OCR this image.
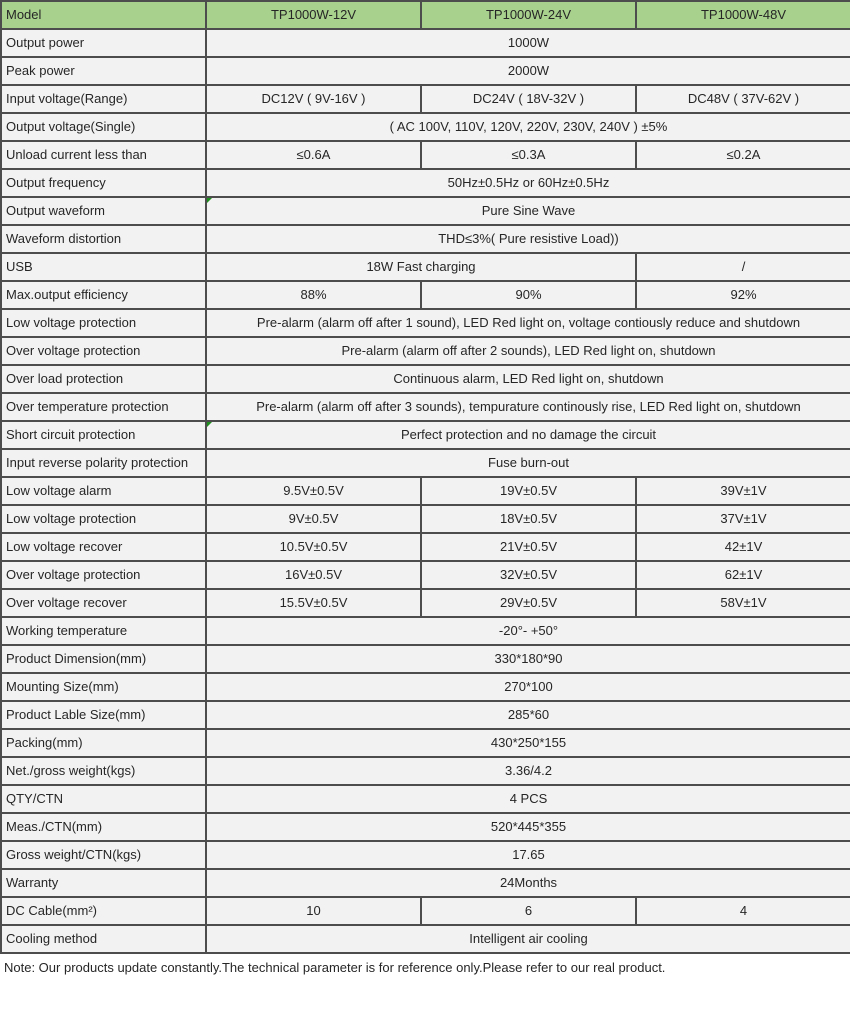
Model	TP1000W-12V	TP1000W-24V	TP1000W-48V
Output power	1000W		
Peak power	2000W		
Input voltage(Range)	DC12V ( 9V-16V )	DC24V ( 18V-32V )	DC48V ( 37V-62V )
Output voltage(Single)	( AC 100V, 110V, 120V, 220V, 230V, 240V ) ±5%		
Unload current less than	≤0.6A	≤0.3A	≤0.2A
Output frequency	50Hz±0.5Hz or 60Hz±0.5Hz		
Output waveform	Pure Sine Wave		
Waveform distortion	THD≤3%( Pure resistive Load))		
USB	18W Fast charging		/
Max.output efficiency	88%	90%	92%
Low voltage protection	Pre-alarm (alarm off after 1 sound), LED Red light on, voltage contiously reduce and shutdown		
Over voltage protection	Pre-alarm (alarm off after 2 sounds), LED Red light on, shutdown		
Over load protection	Continuous alarm, LED Red light on, shutdown		
Over temperature protection	Pre-alarm (alarm off after 3 sounds), tempurature continously rise, LED Red light on, shutdown		
Short circuit protection	Perfect protection and no damage the circuit		
Input reverse polarity protection	Fuse burn-out		
Low voltage alarm	9.5V±0.5V	19V±0.5V	39V±1V
Low voltage protection	9V±0.5V	18V±0.5V	37V±1V
Low voltage recover	10.5V±0.5V	21V±0.5V	42±1V
Over voltage protection	16V±0.5V	32V±0.5V	62±1V
Over voltage recover	15.5V±0.5V	29V±0.5V	58V±1V
Working temperature	-20°- +50°		
Product Dimension(mm)	330*180*90		
Mounting Size(mm)	270*100		
Product Lable Size(mm)	285*60		
Packing(mm)	430*250*155		
Net./gross weight(kgs)	3.36/4.2		
QTY/CTN	4 PCS		
Meas./CTN(mm)	520*445*355		
Gross weight/CTN(kgs)	17.65		
Warranty	24Months		
DC Cable(mm²)	10	6	4
Cooling method	Intelligent air cooling		
Note: Our products update constantly.The technical parameter is for reference only.Please refer to our real product.
